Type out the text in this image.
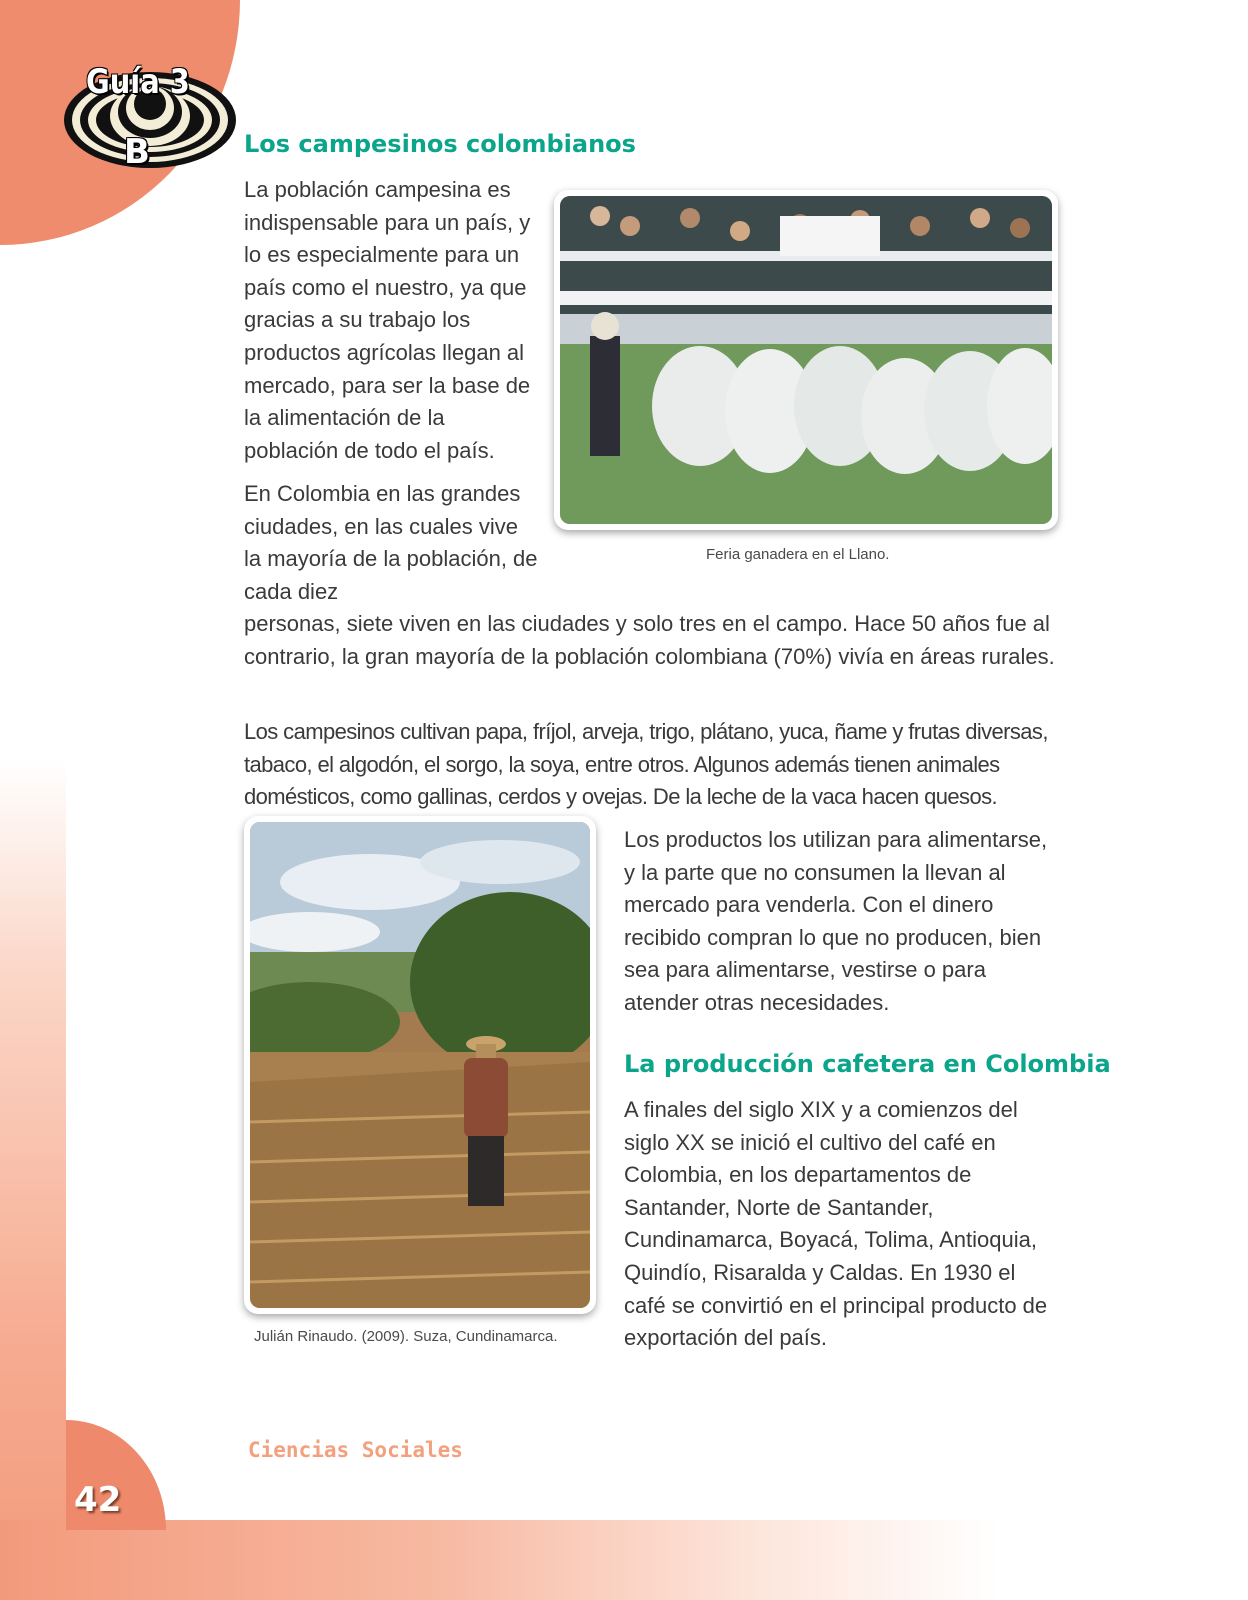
Guía 3
B	Los campesinos colombianos

La población campesina es indispensable para un país, y lo es especialmente para un país como el nuestro, ya que gracias a su trabajo los productos agrícolas llegan al mercado, para ser la base de la alimentación de la población de todo el país.

En Colombia en las grandes ciudades, en las cuales vive la mayoría de la población, de cada diez

personas, siete viven en las ciudades y solo tres en el campo. Hace 50 años fue al contrario, la gran mayoría de la población colombiana (70%) vivía en áreas rurales.

Los campesinos cultivan papa, fríjol, arveja, trigo, plátano, yuca, ñame y frutas diversas, tabaco, el algodón, el sorgo, la soya, entre otros. Algunos además tienen animales domésticos, como gallinas, cerdos y ovejas. De la leche de la vaca hacen quesos.

Feria ganadera en el Llano.

Julián Rinaudo. (2009). Suza, Cundinamarca.

Los productos los utilizan para alimentarse, y la parte que no consumen la llevan al mercado para venderla. Con el dinero recibido compran lo que no producen, bien sea para alimentarse, vestirse o para atender otras necesidades.

La producción cafetera en Colombia

A finales del siglo XIX y a comienzos del siglo XX se inició el cultivo del café en Colombia, en los departamentos de Santander, Norte de Santander, Cundinamarca, Boyacá, Tolima, Antioquia, Quindío, Risaralda y Caldas. En 1930 el café se convirtió en el principal producto de exportación del país.

Ciencias Sociales
42
